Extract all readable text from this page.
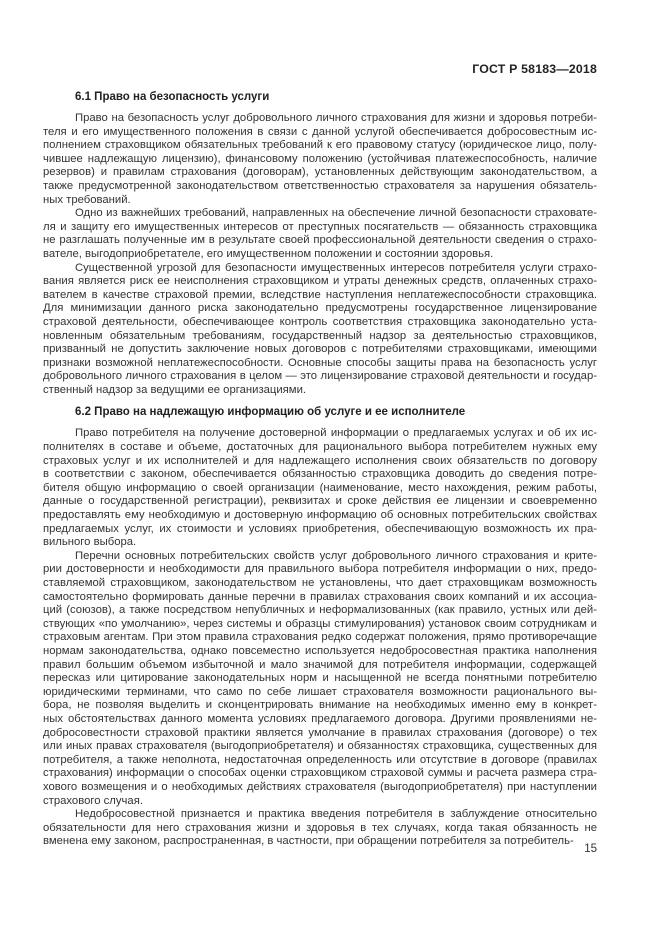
ГОСТ Р 58183—2018
6.1 Право на безопасность услуги
Право на безопасность услуг добровольного личного страхования для жизни и здоровья потреби-
теля и его имущественного положения в связи с данной услугой обеспечивается добросовестным ис-
полнением страховщиком обязательных требований к его правовому статусу (юридическое лицо, полу-
чившее надлежащую лицензию), финансовому положению (устойчивая платежеспособность, наличие
резервов) и правилам страхования (договорам), установленных действующим законодательством, а
также предусмотренной законодательством ответственностью страхователя за нарушения обязатель-
ных требований.
Одно из важнейших требований, направленных на обеспечение личной безопасности страховате-
ля и защиту его имущественных интересов от преступных посягательств — обязанность страховщика
не разглашать полученные им в результате своей профессиональной деятельности сведения о страхо-
вателе, выгодоприобретателе, его имущественном положении и состоянии здоровья.
Существенной угрозой для безопасности имущественных интересов потребителя услуги страхо-
вания является риск ее неисполнения страховщиком и утраты денежных средств, оплаченных страхо-
вателем в качестве страховой премии, вследствие наступления неплатежеспособности страховщика.
Для минимизации данного риска законодательно предусмотрены государственное лицензирование
страховой деятельности, обеспечивающее контроль соответствия страховщика законодательно уста-
новленным обязательным требованиям, государственный надзор за деятельностью страховщиков,
призванный не допустить заключение новых договоров с потребителями страховщиками, имеющими
признаки возможной неплатежеспособности. Основные способы защиты права на безопасность услуг
добровольного личного страхования в целом — это лицензирование страховой деятельности и государ-
ственный надзор за ведущими ее организациями.
6.2 Право на надлежащую информацию об услуге и ее исполнителе
Право потребителя на получение достоверной информации о предлагаемых услугах и об их ис-
полнителях в составе и объеме, достаточных для рационального выбора потребителем нужных ему
страховых услуг и их исполнителей и для надлежащего исполнения своих обязательств по договору
в соответствии с законом, обеспечивается обязанностью страховщика доводить до сведения потре-
бителя общую информацию о своей организации (наименование, место нахождения, режим работы,
данные о государственной регистрации), реквизитах и сроке действия ее лицензии и своевременно
предоставлять ему необходимую и достоверную информацию об основных потребительских свойствах
предлагаемых услуг, их стоимости и условиях приобретения, обеспечивающую возможность их пра-
вильного выбора.
Перечни основных потребительских свойств услуг добровольного личного страхования и крите-
рии достоверности и необходимости для правильного выбора потребителя информации о них, предо-
ставляемой страховщиком, законодательством не установлены, что дает страховщикам возможность
самостоятельно формировать данные перечни в правилах страхования своих компаний и их ассоциа-
ций (союзов), а также посредством непубличных и неформализованных (как правило, устных или дей-
ствующих «по умолчанию», через системы и образцы стимулирования) установок своим сотрудникам и
страховым агентам. При этом правила страхования редко содержат положения, прямо противоречащие
нормам законодательства, однако повсеместно используется недобросовестная практика наполнения
правил большим объемом избыточной и мало значимой для потребителя информации, содержащей
пересказ или цитирование законодательных норм и насыщенной не всегда понятными потребителю
юридическими терминами, что само по себе лишает страхователя возможности рационального вы-
бора, не позволяя выделить и сконцентрировать внимание на необходимых именно ему в конкрет-
ных обстоятельствах данного момента условиях предлагаемого договора. Другими проявлениями не-
добросовестности страховой практики является умолчание в правилах страхования (договоре) о тех
или иных правах страхователя (выгодоприобретателя) и обязанностях страховщика, существенных для
потребителя, а также неполнота, недостаточная определенность или отсутствие в договоре (правилах
страхования) информации о способах оценки страховщиком страховой суммы и расчета размера стра-
хового возмещения и о необходимых действиях страхователя (выгодоприобретателя) при наступлении
страхового случая.
Недобросовестной признается и практика введения потребителя в заблуждение относительно
обязательности для него страхования жизни и здоровья в тех случаях, когда такая обязанность не
вменена ему законом, распространенная, в частности, при обращении потребителя за потребитель-
15
